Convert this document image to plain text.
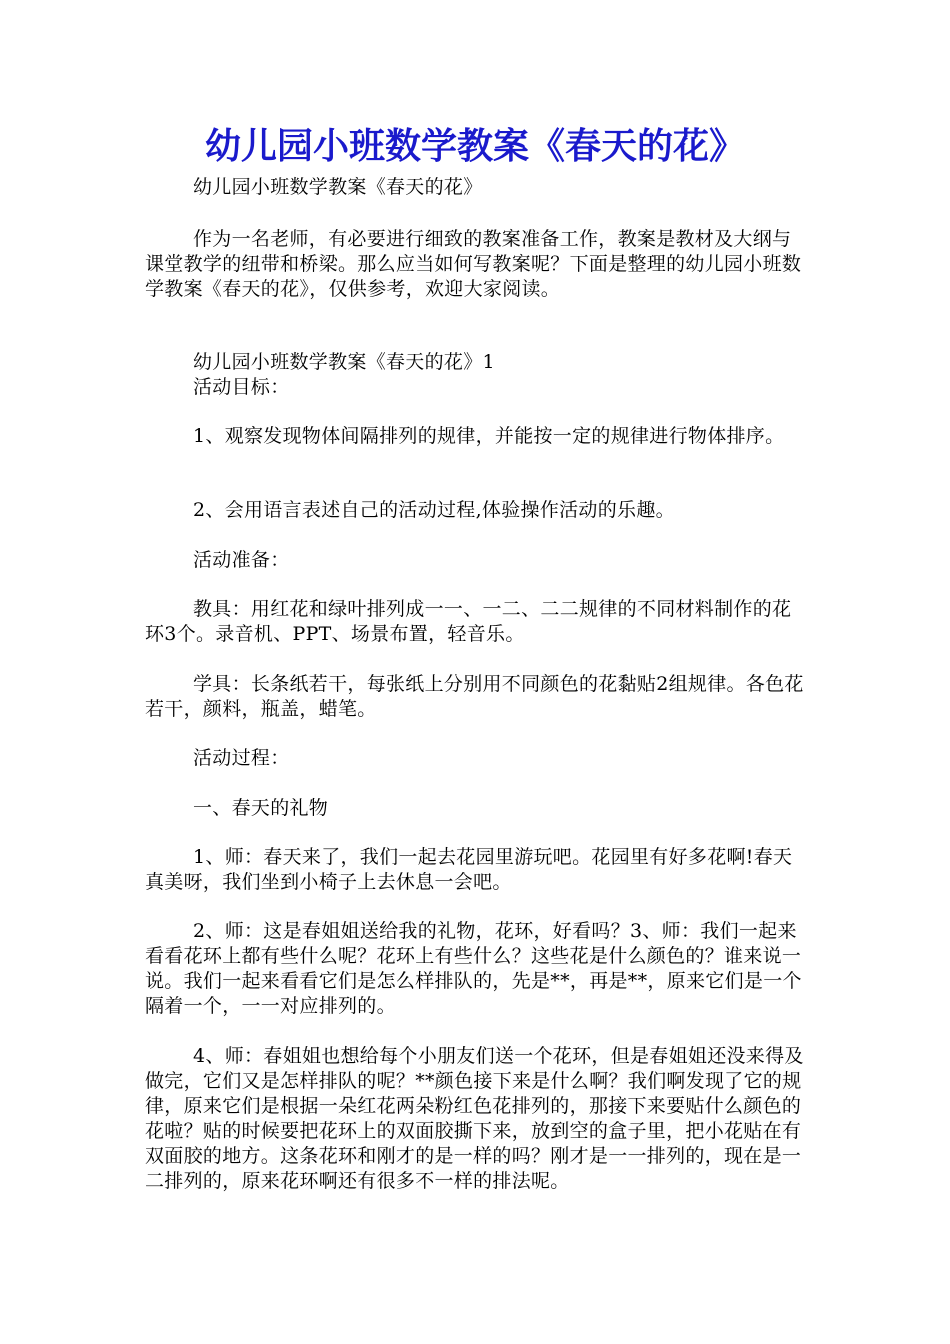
幼儿园小班数学教案《春天的花》

幼儿园小班数学教案《春天的花》

作为一名老师，有必要进行细致的教案准备工作，教案是教材及大纲与课堂教学的纽带和桥梁。那么应当如何写教案呢？下面是整理的幼儿园小班数学教案《春天的花》，仅供参考，欢迎大家阅读。

幼儿园小班数学教案《春天的花》1

活动目标：

1、观察发现物体间隔排列的规律，并能按一定的规律进行物体排序。

2、会用语言表述自己的活动过程,体验操作活动的乐趣。

活动准备：

教具：用红花和绿叶排列成一一、一二、二二规律的不同材料制作的花环3个。录音机、PPT、场景布置，轻音乐。

学具：长条纸若干，每张纸上分别用不同颜色的花黏贴2组规律。各色花若干，颜料，瓶盖，蜡笔。

活动过程：

一、春天的礼物

1、师：春天来了，我们一起去花园里游玩吧。花园里有好多花啊!春天真美呀，我们坐到小椅子上去休息一会吧。

2、师：这是春姐姐送给我的礼物，花环，好看吗？3、师：我们一起来看看花环上都有些什么呢？花环上有些什么？这些花是什么颜色的？谁来说一说。我们一起来看看它们是怎么样排队的，先是**，再是**，原来它们是一个隔着一个，一一对应排列的。

4、师：春姐姐也想给每个小朋友们送一个花环，但是春姐姐还没来得及做完，它们又是怎样排队的呢？**颜色接下来是什么啊？我们啊发现了它的规律，原来它们是根据一朵红花两朵粉红色花排列的，那接下来要贴什么颜色的花啦？贴的时候要把花环上的双面胶撕下来，放到空的盒子里，把小花贴在有双面胶的地方。这条花环和刚才的是一样的吗？刚才是一一排列的，现在是一二排列的，原来花环啊还有很多不一样的排法呢。
